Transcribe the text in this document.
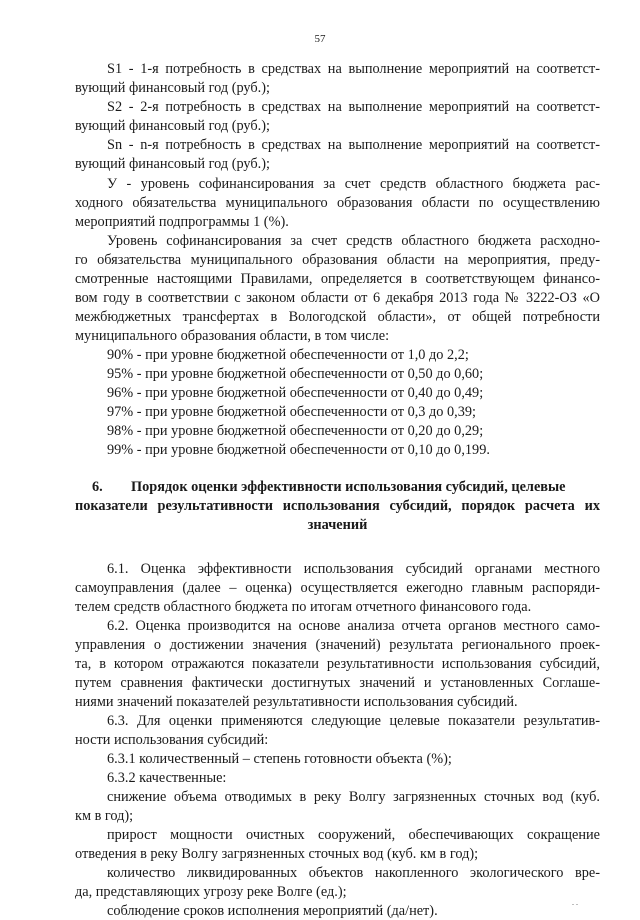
57
S1 - 1-я потребность в средствах на выполнение мероприятий на соответст-
вующий финансовый год (руб.);
S2 - 2-я потребность в средствах на выполнение мероприятий на соответст-
вующий финансовый год (руб.);
Sn - n-я потребность в средствах на выполнение мероприятий на соответст-
вующий финансовый год (руб.);
У - уровень софинансирования за счет средств областного бюджета рас-
ходного обязательства муниципального образования области по осуществлению
мероприятий подпрограммы 1 (%).
Уровень софинансирования за счет средств областного бюджета расходно-
го обязательства муниципального образования области на мероприятия, преду-
смотренные настоящими Правилами, определяется в соответствующем финансо-
вом году в соответствии с законом области от 6 декабря 2013 года № 3222-ОЗ «О
межбюджетных трансфертах в Вологодской области», от общей потребности
муниципального образования области, в том числе:
90% - при уровне бюджетной обеспеченности от 1,0 до 2,2;
95% - при уровне бюджетной обеспеченности от 0,50 до 0,60;
96% - при уровне бюджетной обеспеченности от 0,40 до 0,49;
97% - при уровне бюджетной обеспеченности от 0,3 до 0,39;
98% - при уровне бюджетной обеспеченности от 0,20 до 0,29;
99% - при уровне бюджетной обеспеченности от 0,10 до 0,199.
6. Порядок оценки эффективности использования субсидий, целевые
показатели результативности использования субсидий, порядок расчета их
значений
6.1. Оценка эффективности использования субсидий органами местного
самоуправления (далее – оценка) осуществляется ежегодно главным распоряди-
телем средств областного бюджета по итогам отчетного финансового года.
6.2. Оценка производится на основе анализа отчета органов местного само-
управления о достижении значения (значений) результата регионального проек-
та, в котором отражаются показатели результативности использования субсидий,
путем сравнения фактически достигнутых значений и установленных Соглаше-
ниями значений показателей результативности использования субсидий.
6.3. Для оценки применяются следующие целевые показатели результатив-
ности использования субсидий:
6.3.1 количественный – степень готовности объекта (%);
6.3.2 качественные:
снижение объема отводимых в реку Волгу загрязненных сточных вод (куб.
км в год);
прирост мощности очистных сооружений, обеспечивающих сокращение
отведения в реку Волгу загрязненных сточных вод (куб. км в год);
количество ликвидированных объектов накопленного экологического вре-
да, представляющих угрозу реке Волге (ед.);
соблюдение сроков исполнения мероприятий (да/нет).
. .
